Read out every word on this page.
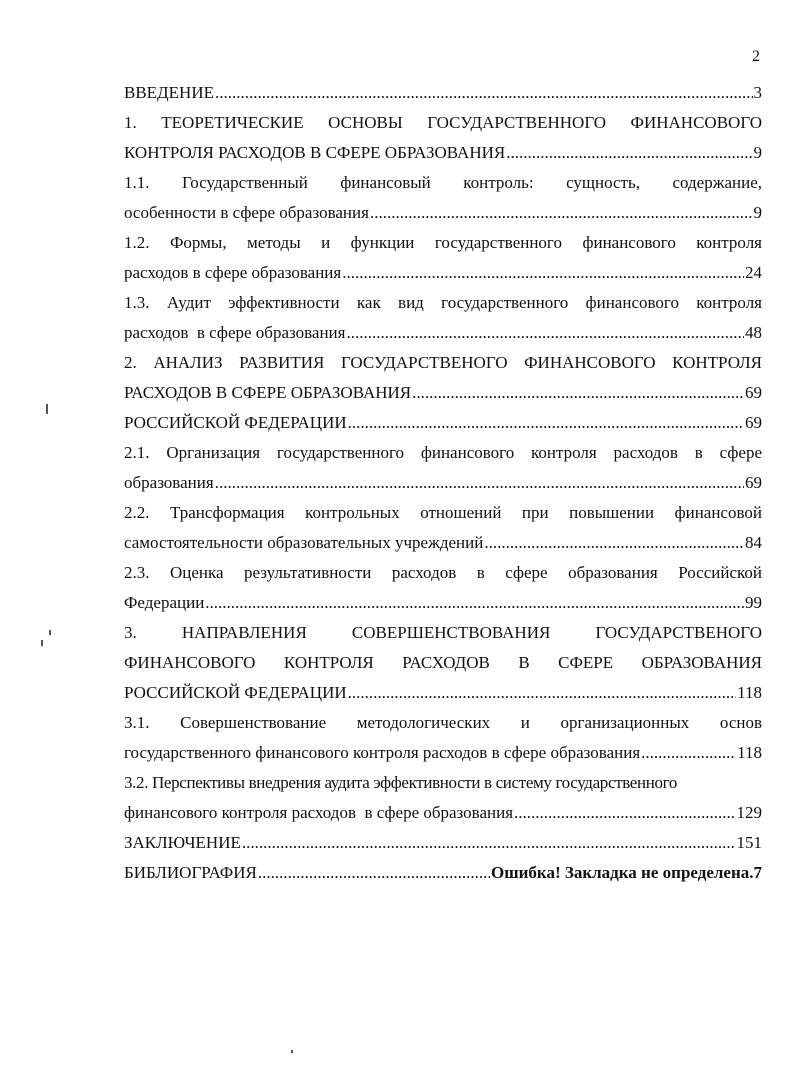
2
ВВЕДЕНИЕ .....	3
1. ТЕОРЕТИЧЕСКИЕ ОСНОВЫ ГОСУДАРСТВЕННОГО ФИНАНСОВОГО
КОНТРОЛЯ РАСХОДОВ В СФЕРЕ ОБРАЗОВАНИЯ .....	9
1.1. Государственный финансовый контроль: сущность, содержание,
особенности в сфере образования .....	9
1.2. Формы, методы и функции государственного финансового контроля
расходов в сфере образования .....	24
1.3. Аудит эффективности как вид государственного финансового контроля
расходов  в сфере образования .....	48
2. АНАЛИЗ РАЗВИТИЯ ГОСУДАРСТВЕНОГО ФИНАНСОВОГО КОНТРОЛЯ
РАСХОДОВ В СФЕРЕ ОБРАЗОВАНИЯ .....	69
РОССИЙСКОЙ ФЕДЕРАЦИИ .....	69
2.1. Организация государственного финансового контроля расходов в сфере
образования .....	69
2.2. Трансформация контрольных отношений при повышении финансовой
самостоятельности образовательных учреждений .....	84
2.3. Оценка результативности расходов в сфере образования Российской
Федерации .....	99
3. НАПРАВЛЕНИЯ СОВЕРШЕНСТВОВАНИЯ ГОСУДАРСТВЕНОГО
ФИНАНСОВОГО КОНТРОЛЯ РАСХОДОВ В СФЕРЕ ОБРАЗОВАНИЯ
РОССИЙСКОЙ ФЕДЕРАЦИИ .....	118
3.1. Совершенствование методологических и организационных основ
государственного финансового контроля расходов в сфере образования .....	118
3.2. Перспективы внедрения аудита эффективности в систему государственного
финансового контроля расходов  в сфере образования .....	129
ЗАКЛЮЧЕНИЕ .....	151
БИБЛИОГРАФИЯ .....	Ошибка! Закладка не определена. 7
